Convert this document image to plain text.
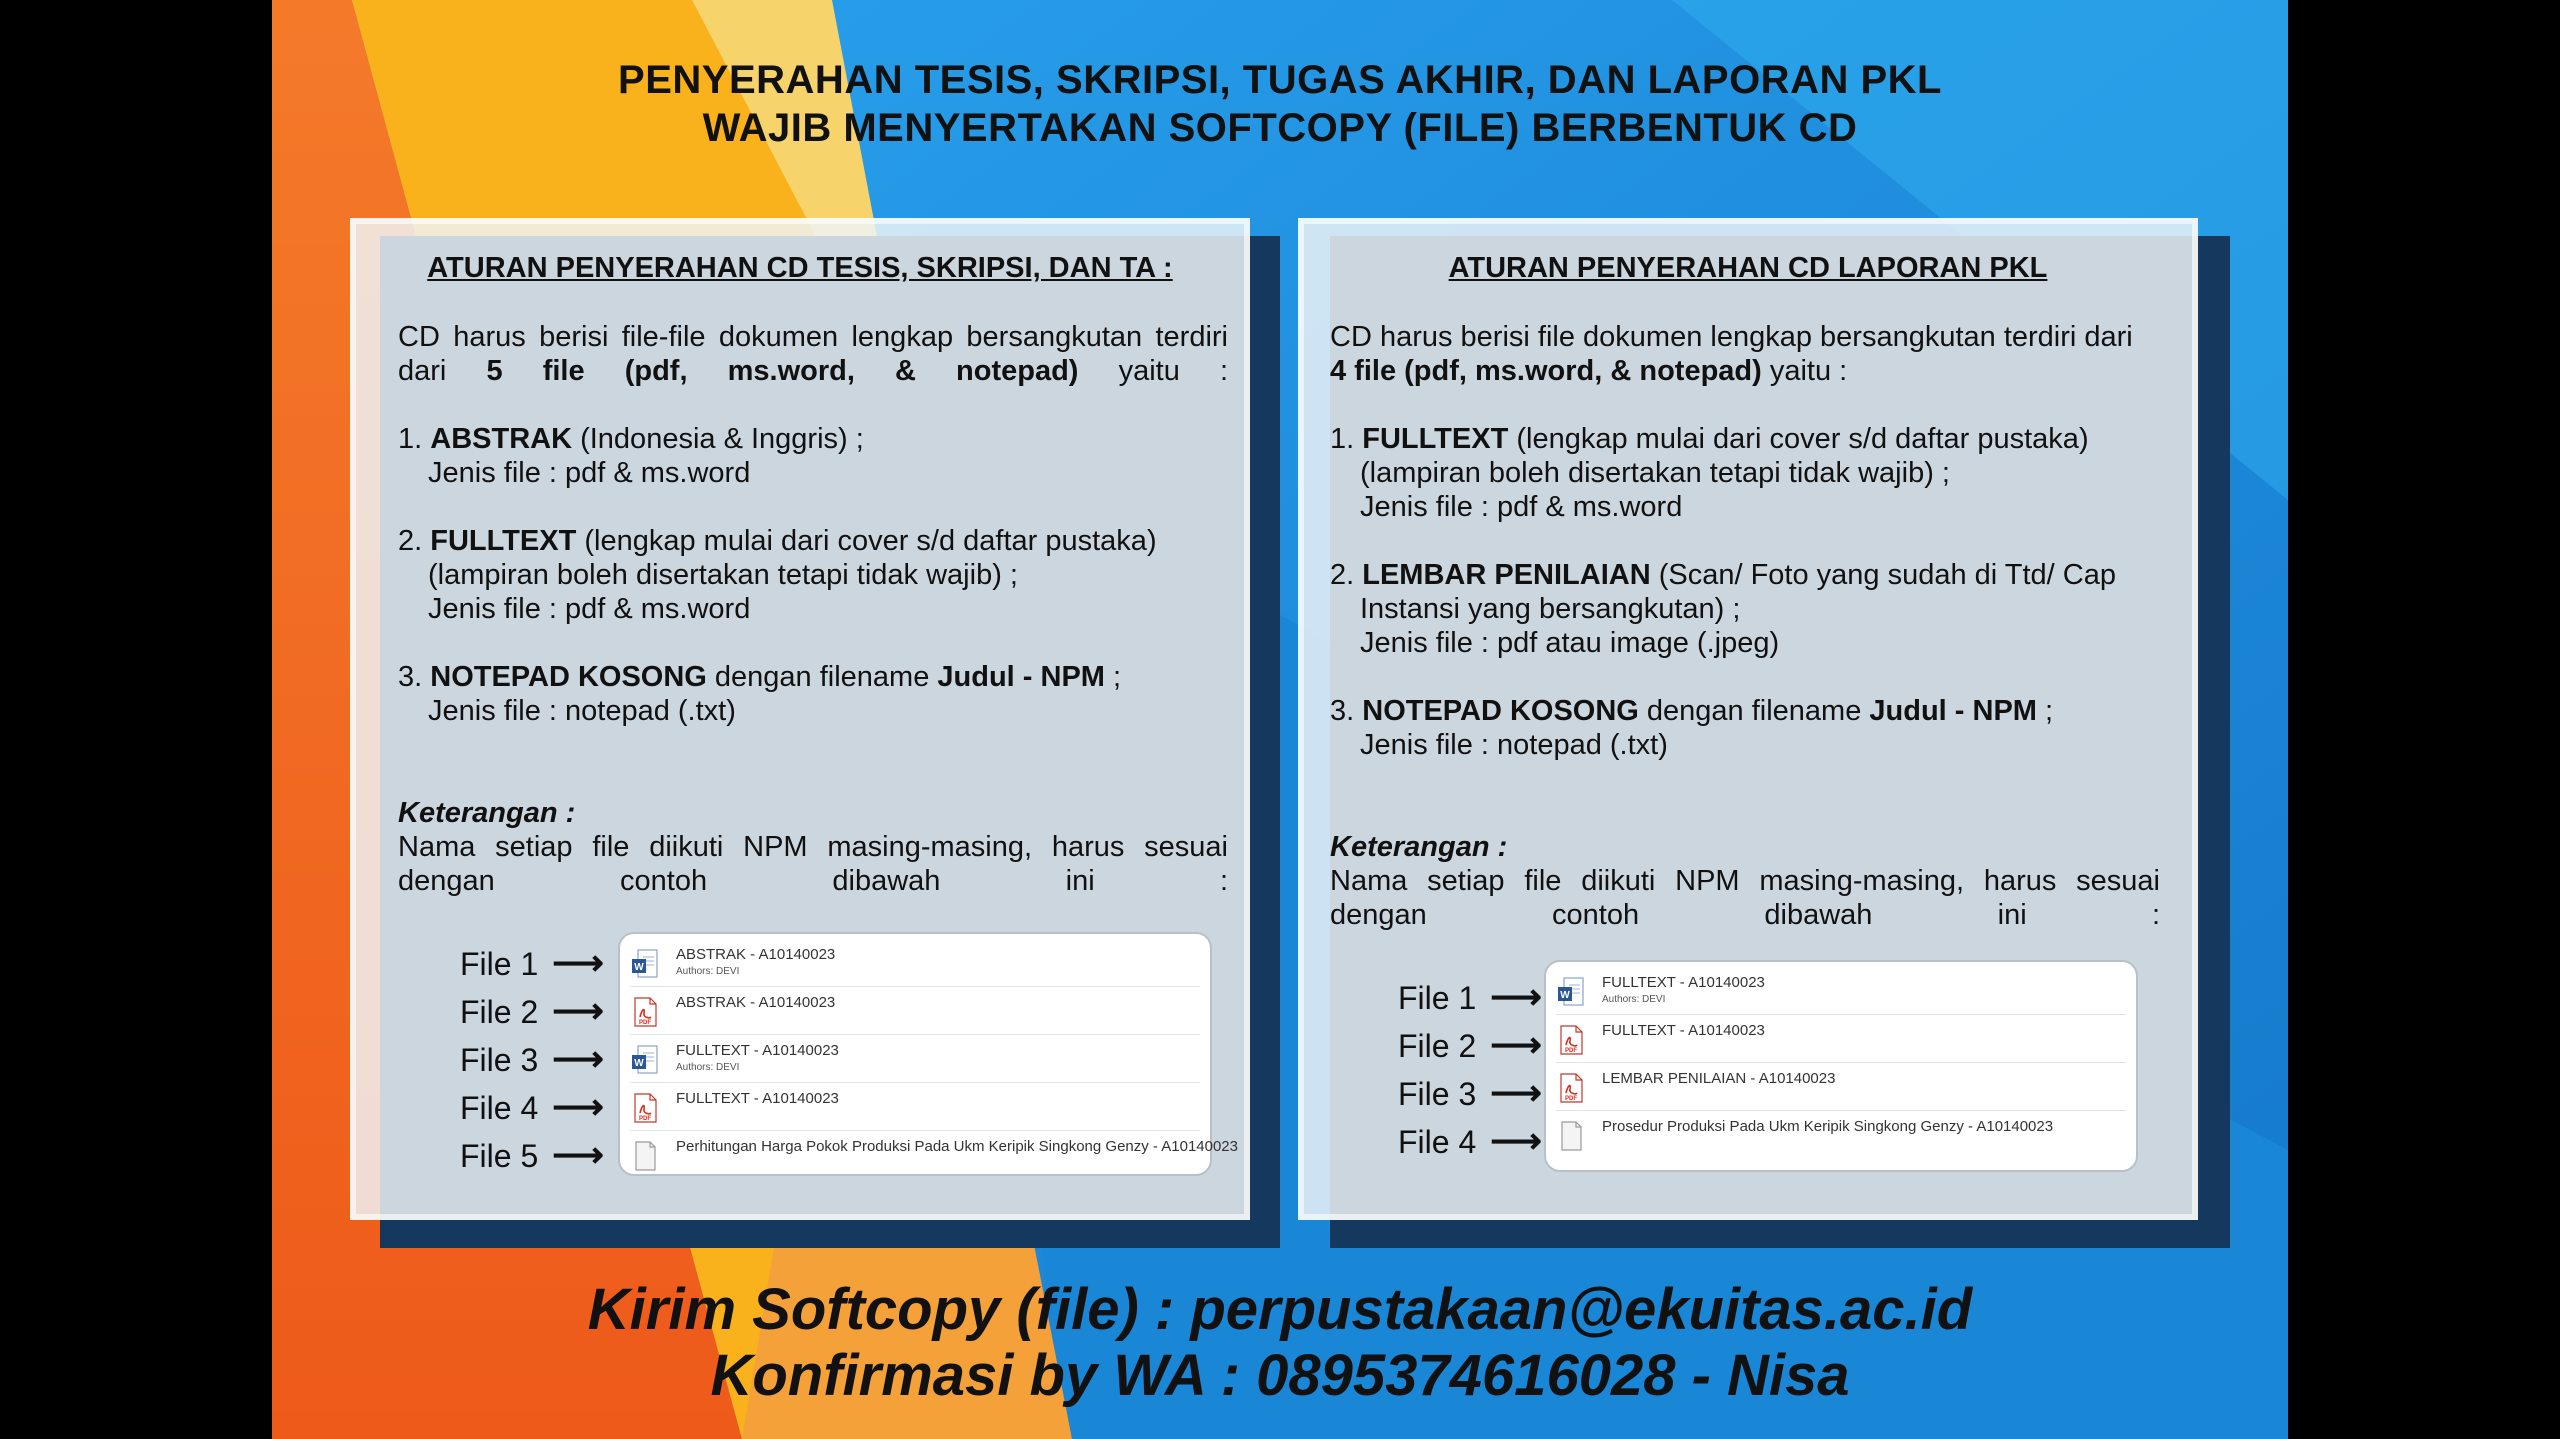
PENYERAHAN TESIS, SKRIPSI, TUGAS AKHIR, DAN LAPORAN PKL
WAJIB MENYERTAKAN SOFTCOPY (FILE) BERBENTUK CD
ATURAN PENYERAHAN CD TESIS, SKRIPSI, DAN TA :
CD harus berisi file-file dokumen lengkap bersangkutan terdiri
dari 5 file (pdf, ms.word, & notepad) yaitu :
1. ABSTRAK (Indonesia & Inggris) ;
Jenis file : pdf & ms.word
2. FULLTEXT (lengkap mulai dari cover s/d daftar pustaka)
(lampiran boleh disertakan tetapi tidak wajib) ;
Jenis file : pdf & ms.word
3. NOTEPAD KOSONG dengan filename Judul - NPM ;
Jenis file : notepad (.txt)
Keterangan :
Nama setiap file diikuti NPM masing-masing, harus sesuai
dengan contoh dibawah ini :
File 1 ⟶
File 2 ⟶
File 3 ⟶
File 4 ⟶
File 5 ⟶
W
ABSTRAK - A10140023
Authors: DEVI
PDF
ABSTRAK - A10140023
W
FULLTEXT - A10140023
Authors: DEVI
PDF
FULLTEXT - A10140023
Perhitungan Harga Pokok Produksi Pada Ukm Keripik Singkong Genzy - A10140023
ATURAN PENYERAHAN CD LAPORAN PKL
CD harus berisi file dokumen lengkap bersangkutan terdiri dari
4 file (pdf, ms.word, & notepad) yaitu :
1. FULLTEXT (lengkap mulai dari cover s/d daftar pustaka)
(lampiran boleh disertakan tetapi tidak wajib) ;
Jenis file : pdf & ms.word
2. LEMBAR PENILAIAN (Scan/ Foto yang sudah di Ttd/ Cap
Instansi yang bersangkutan) ;
Jenis file : pdf atau image (.jpeg)
3. NOTEPAD KOSONG dengan filename Judul - NPM ;
Jenis file : notepad (.txt)
Keterangan :
Nama setiap file diikuti NPM masing-masing, harus sesuai
dengan contoh dibawah ini :
File 1 ⟶
File 2 ⟶
File 3 ⟶
File 4 ⟶
W
FULLTEXT - A10140023
Authors: DEVI
PDF
FULLTEXT - A10140023
PDF
LEMBAR PENILAIAN - A10140023
Prosedur Produksi Pada Ukm Keripik Singkong Genzy - A10140023
Kirim Softcopy (file) : perpustakaan@ekuitas.ac.id
Konfirmasi by WA : 0895374616028 - Nisa
